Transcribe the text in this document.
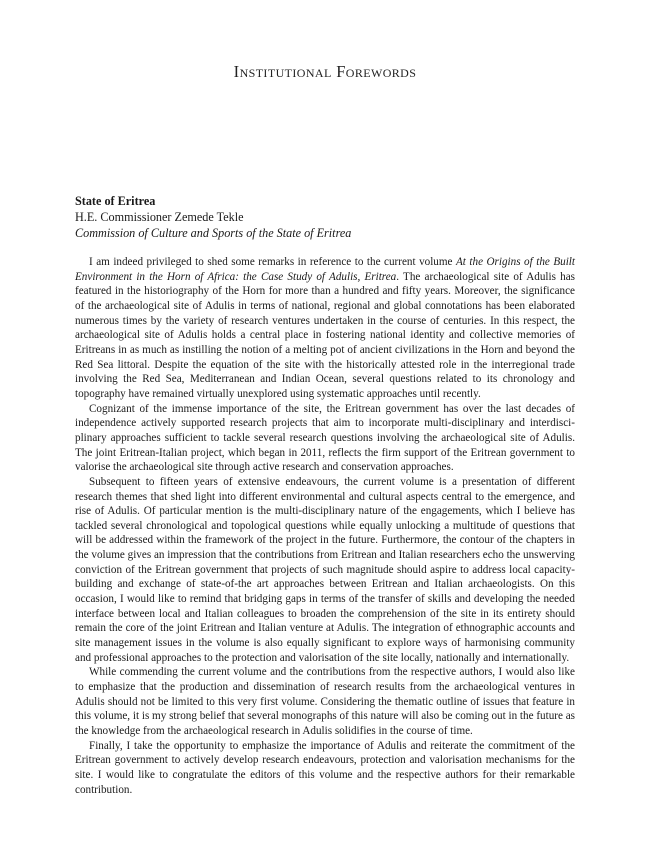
Institutional Forewords
State of Eritrea
H.E. Commissioner Zemede Tekle
Commission of Culture and Sports of the State of Eritrea

I am indeed privileged to shed some remarks in reference to the current volume At the Origins of the Built Environment in the Horn of Africa: the Case Study of Adulis, Eritrea. The archaeological site of Adulis has featured in the historiography of the Horn for more than a hundred and fifty years. Moreover, the significance of the archaeological site of Adulis in terms of national, regional and global connotations has been elaborated numerous times by the variety of research ventures undertaken in the course of centuries. In this respect, the archaeological site of Adulis holds a central place in fostering national identity and collective memories of Eritreans in as much as instilling the notion of a melting pot of ancient civilizations in the Horn and beyond the Red Sea littoral. Despite the equation of the site with the historically attested role in the interregional trade involving the Red Sea, Mediterranean and Indian Ocean, several questions related to its chronology and topography have remained virtually unexplored using systematic approaches until recently.

Cognizant of the immense importance of the site, the Eritrean government has over the last decades of independence actively supported research projects that aim to incorporate multi-disciplinary and interdisciplinary approaches sufficient to tackle several research questions involving the archaeological site of Adulis. The joint Eritrean-Italian project, which began in 2011, reflects the firm support of the Eritrean government to valorise the archaeological site through active research and conservation approaches.

Subsequent to fifteen years of extensive endeavours, the current volume is a presentation of different research themes that shed light into different environmental and cultural aspects central to the emergence, and rise of Adulis. Of particular mention is the multi-disciplinary nature of the engagements, which I believe has tackled several chronological and topological questions while equally unlocking a multitude of questions that will be addressed within the framework of the project in the future. Furthermore, the contour of the chapters in the volume gives an impression that the contributions from Eritrean and Italian researchers echo the unswerving conviction of the Eritrean government that projects of such magnitude should aspire to address local capacity-building and exchange of state-of-the art approaches between Eritrean and Italian archaeologists. On this occasion, I would like to remind that bridging gaps in terms of the transfer of skills and developing the needed interface between local and Italian colleagues to broaden the comprehension of the site in its entirety should remain the core of the joint Eritrean and Italian venture at Adulis. The integration of ethnographic accounts and site management issues in the volume is also equally significant to explore ways of harmonising community and professional approaches to the protection and valorisation of the site locally, nationally and internationally.

While commending the current volume and the contributions from the respective authors, I would also like to emphasize that the production and dissemination of research results from the archaeological ventures in Adulis should not be limited to this very first volume. Considering the thematic outline of issues that feature in this volume, it is my strong belief that several monographs of this nature will also be coming out in the future as the knowledge from the archaeological research in Adulis solidifies in the course of time.

Finally, I take the opportunity to emphasize the importance of Adulis and reiterate the commitment of the Eritrean government to actively develop research endeavours, protection and valorisation mechanisms for the site. I would like to congratulate the editors of this volume and the respective authors for their remarkable contribution.
